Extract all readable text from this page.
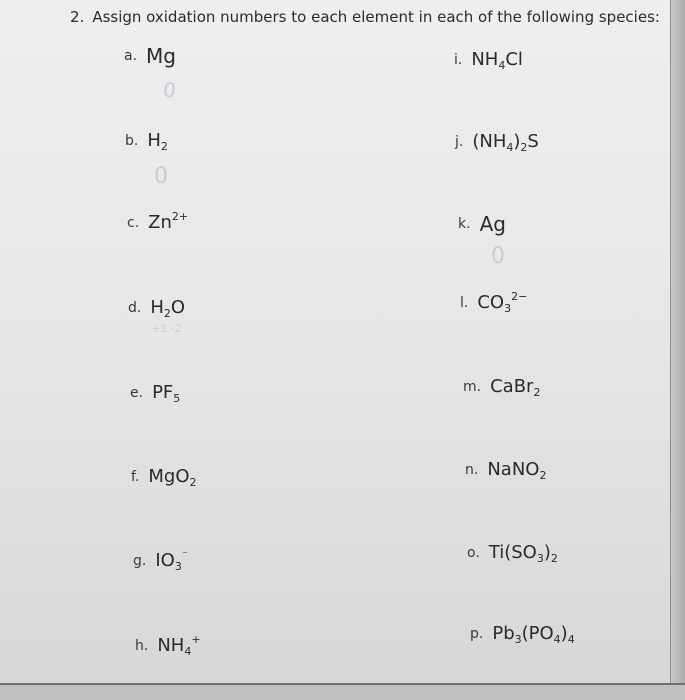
2. Assign oxidation numbers to each element in each of the following species:
a. Mg
b. $H_2$
c. $Zn^{2+}$
d. $H_2O$
e. $PF_5$
f. MgO$_2$
g. $IO_3^{^-}$
h. $NH_4^+$
i. $NH_4Cl$
j. $(NH_4)_2S$
k. Ag
l. $CO_3^{2-}$
m. CaBr$_2$
n. NaNO$_2$
o. $Ti(SO_3)_2$
p. $Pb_3(PO_4)_4$
0
0
0
+1 -2
